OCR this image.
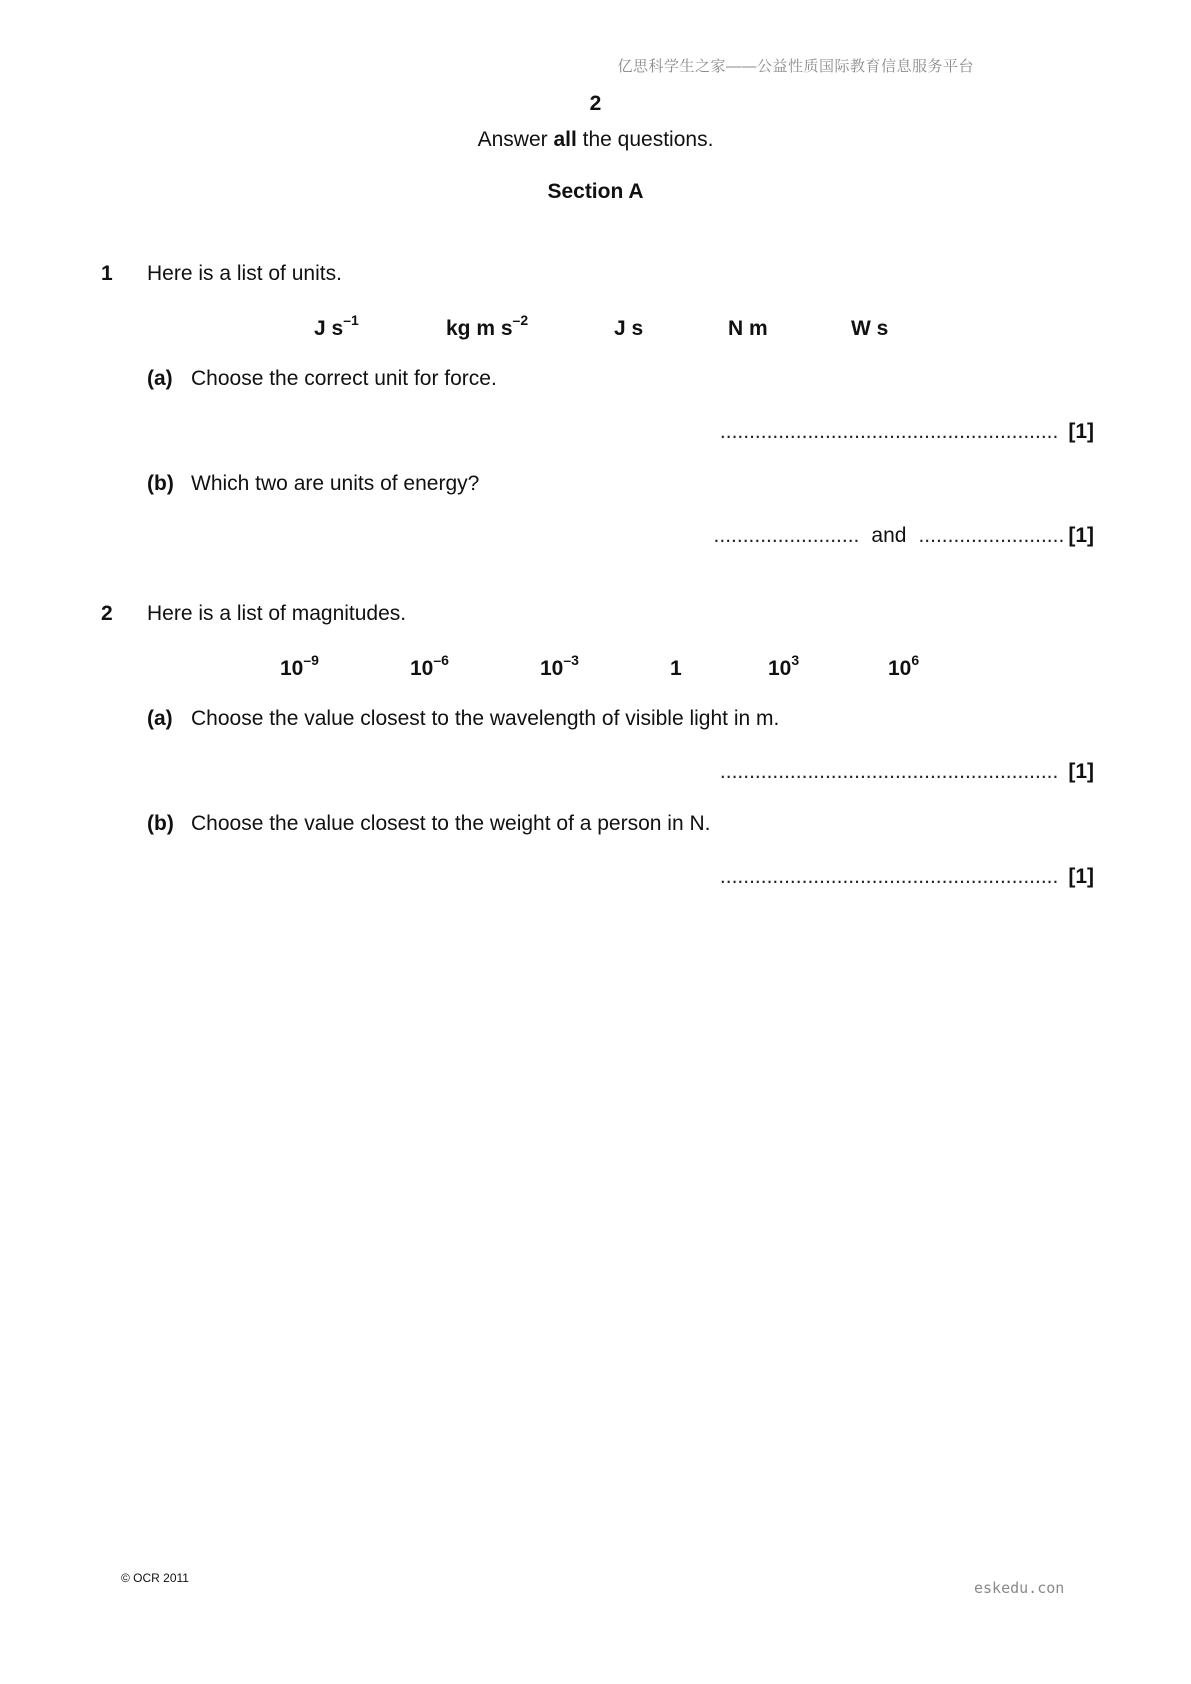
亿思科学生之家——公益性质国际教育信息服务平台
2
Answer all the questions.
Section A
1 Here is a list of units.
J $s^{-1}$	kg m $s^{-2}$	J s	N m	W s
(a) Choose the correct unit for force.
.......................................................... [1]
(b) Which two are units of energy?
......................... and ......................... [1]
2 Here is a list of magnitudes.
$10^{-9}$	$10^{-6}$	$10^{-3}$	1	$10^3$	$10^6$
(a) Choose the value closest to the wavelength of visible light in m.
.......................................................... [1]
(b) Choose the value closest to the weight of a person in N.
.......................................................... [1]
© OCR 2011
eskedu.con
